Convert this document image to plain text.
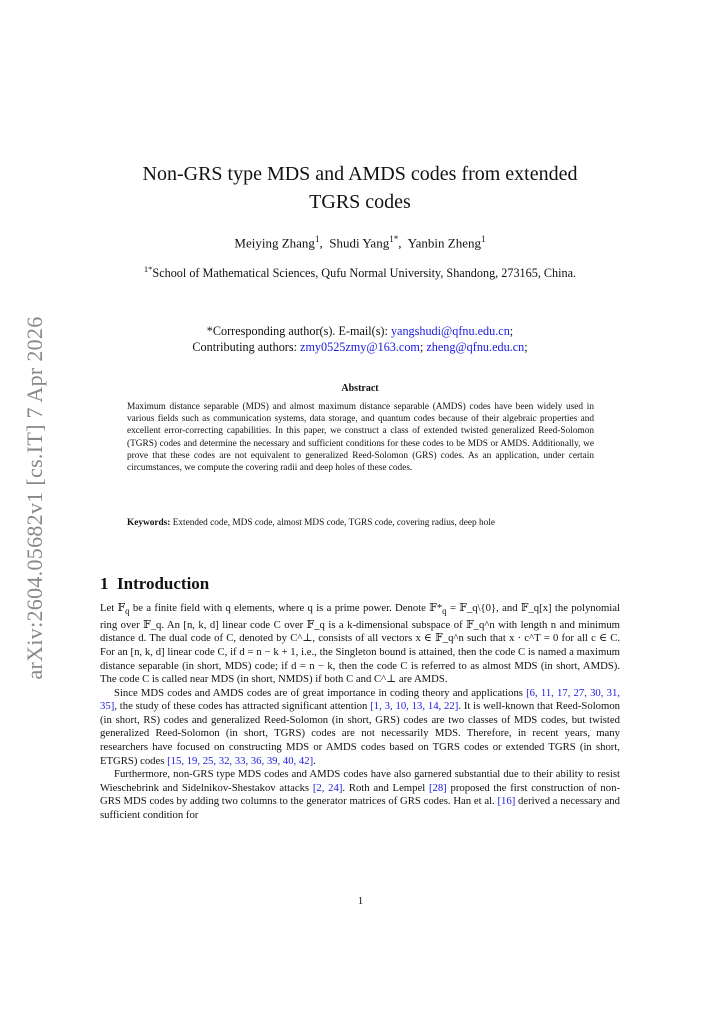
arXiv:2604.05682v1 [cs.IT] 7 Apr 2026
Non-GRS type MDS and AMDS codes from extended
TGRS codes
Meiying Zhang$^1$,  Shudi Yang$^{1*}$,  Yanbin Zheng$^1$
$^{1*}$School of Mathematical Sciences, Qufu Normal University, Shandong, 273165, China.
*Corresponding author(s). E-mail(s): yangshudi@qfnu.edu.cn;
Contributing authors: zmy0525zmy@163.com; zheng@qfnu.edu.cn;
Abstract
Maximum distance separable (MDS) and almost maximum distance separable (AMDS) codes have been widely used in various fields such as communication systems, data storage, and quantum codes because of their algebraic properties and excellent error-correcting capabilities. In this paper, we construct a class of extended twisted generalized Reed-Solomon (TGRS) codes and determine the necessary and sufficient conditions for these codes to be MDS or AMDS. Additionally, we prove that these codes are not equivalent to generalized Reed-Solomon (GRS) codes. As an application, under certain circumstances, we compute the covering radii and deep holes of these codes.
Keywords: Extended code, MDS code, almost MDS code, TGRS code, covering radius, deep hole
1 Introduction

Let 𝔽$_q$ be a finite field with q elements, where q is a prime power. Denote $𝔽*_q$ = 𝔽_q\{0}, and 𝔽_q[x] the polynomial ring over 𝔽_q. An [n, k, d] linear code C over 𝔽_q is a k-dimensional subspace of 𝔽_q^n with length n and minimum distance d. The dual code of C, denoted by C^⊥, consists of all vectors x ∈ 𝔽_q^n such that x · c^T = 0 for all c ∈ C. For an [n, k, d] linear code C, if d = n − k + 1, i.e., the Singleton bound is attained, then the code C is named a maximum distance separable (in short, MDS) code; if d = n − k, then the code C is referred to as almost MDS (in short, AMDS). The code C is called near MDS (in short, NMDS) if both C and C^⊥ are AMDS.

Since MDS codes and AMDS codes are of great importance in coding theory and applications [6, 11, 17, 27, 30, 31, 35], the study of these codes has attracted significant attention [1, 3, 10, 13, 14, 22]. It is well-known that Reed-Solomon (in short, RS) codes and generalized Reed-Solomon (in short, GRS) codes are two classes of MDS codes, but twisted generalized Reed-Solomon (in short, TGRS) codes are not necessarily MDS. Therefore, in recent years, many researchers have focused on constructing MDS or AMDS codes based on TGRS codes or extended TGRS (in short, ETGRS) codes [15, 19, 25, 32, 33, 36, 39, 40, 42].

Furthermore, non-GRS type MDS codes and AMDS codes have also garnered substantial due to their ability to resist Wieschebrink and Sidelnikov-Shestakov attacks [2, 24]. Roth and Lempel [28] proposed the first construction of non-GRS MDS codes by adding two columns to the generator matrices of GRS codes. Han et al. [16] derived a necessary and sufficient condition for

1
